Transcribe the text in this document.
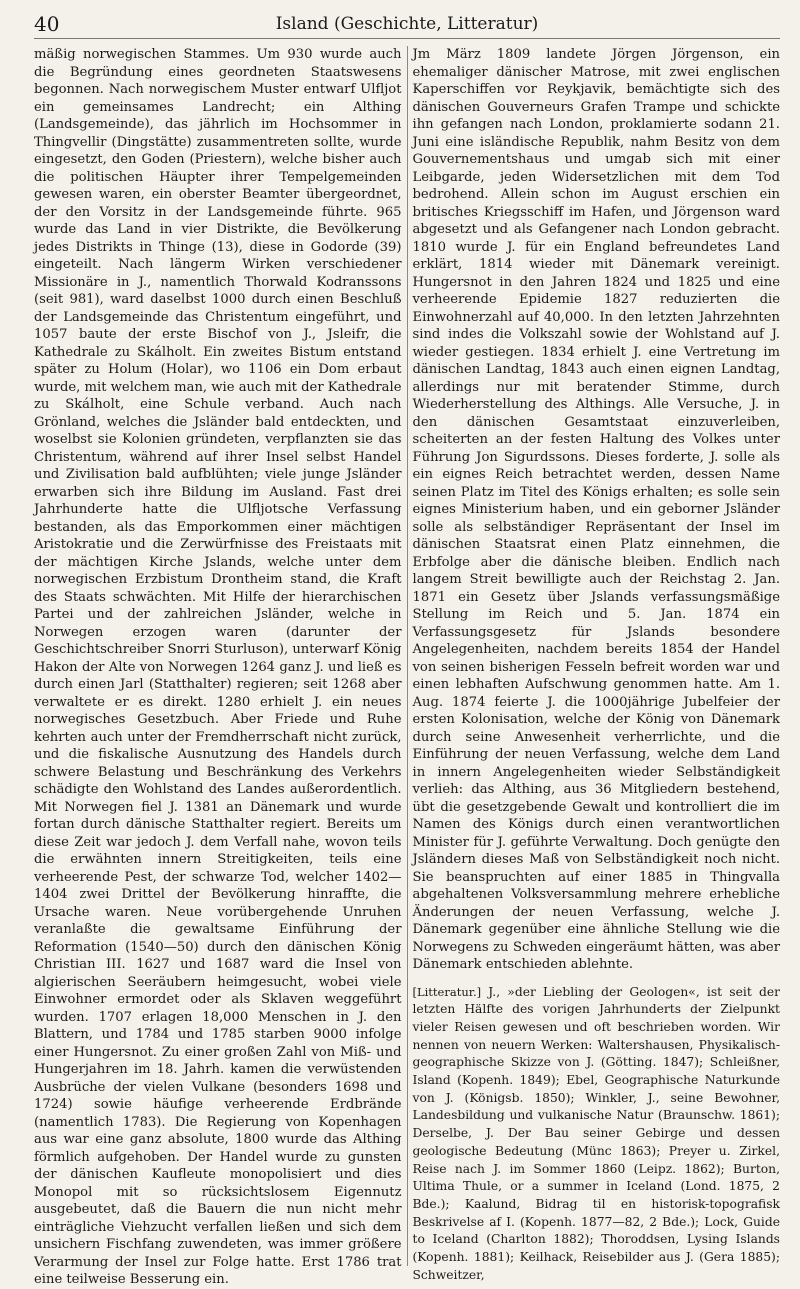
40	Island (Geschichte, Litteratur)

mäßig norwegischen Stammes. Um 930 wurde auch die Begründung eines geordneten Staatswesens begonnen. Nach norwegischem Muster entwarf Ulfljot ein gemeinsames Landrecht; ein Althing (Landsgemeinde), das jährlich im Hochsommer in Thingvellir (Dingstätte) zusammentreten sollte, wurde eingesetzt, den Goden (Priestern), welche bisher auch die politischen Häupter ihrer Tempelgemeinden gewesen waren, ein oberster Beamter übergeordnet, der den Vorsitz in der Landsgemeinde führte. 965 wurde das Land in vier Distrikte, die Bevölkerung jedes Distrikts in Thinge (13), diese in Godorde (39) eingeteilt. Nach längerm Wirken verschiedener Missionäre in J., namentlich Thorwald Kodranssons (seit 981), ward daselbst 1000 durch einen Beschluß der Landsgemeinde das Christentum eingeführt, und 1057 baute der erste Bischof von J., Jsleifr, die Kathedrale zu Skálholt. Ein zweites Bistum entstand später zu Holum (Holar), wo 1106 ein Dom erbaut wurde, mit welchem man, wie auch mit der Kathedrale zu Skálholt, eine Schule verband. Auch nach Grönland, welches die Jsländer bald entdeckten, und woselbst sie Kolonien gründeten, verpflanzten sie das Christentum, während auf ihrer Insel selbst Handel und Zivilisation bald aufblühten; viele junge Jsländer erwarben sich ihre Bildung im Ausland. Fast drei Jahrhunderte hatte die Ulfljotsche Verfassung bestanden, als das Emporkommen einer mächtigen Aristokratie und die Zerwürfnisse des Freistaats mit der mächtigen Kirche Jslands, welche unter dem norwegischen Erzbistum Drontheim stand, die Kraft des Staats schwächten. Mit Hilfe der hierarchischen Partei und der zahlreichen Jsländer, welche in Norwegen erzogen waren (darunter der Geschichtschreiber Snorri Sturluson), unterwarf König Hakon der Alte von Norwegen 1264 ganz J. und ließ es durch einen Jarl (Statthalter) regieren; seit 1268 aber verwaltete er es direkt. 1280 erhielt J. ein neues norwegisches Gesetzbuch. Aber Friede und Ruhe kehrten auch unter der Fremdherrschaft nicht zurück, und die fiskalische Ausnutzung des Handels durch schwere Belastung und Beschränkung des Verkehrs schädigte den Wohlstand des Landes außerordentlich. Mit Norwegen fiel J. 1381 an Dänemark und wurde fortan durch dänische Statthalter regiert. Bereits um diese Zeit war jedoch J. dem Verfall nahe, wovon teils die erwähnten innern Streitigkeiten, teils eine verheerende Pest, der schwarze Tod, welcher 1402—1404 zwei Drittel der Bevölkerung hinraffte, die Ursache waren. Neue vorübergehende Unruhen veranlaßte die gewaltsame Einführung der Reformation (1540—50) durch den dänischen König Christian III. 1627 und 1687 ward die Insel von algierischen Seeräubern heimgesucht, wobei viele Einwohner ermordet oder als Sklaven weggeführt wurden. 1707 erlagen 18,000 Menschen in J. den Blattern, und 1784 und 1785 starben 9000 infolge einer Hungersnot. Zu einer großen Zahl von Miß- und Hungerjahren im 18. Jahrh. kamen die verwüstenden Ausbrüche der vielen Vulkane (besonders 1698 und 1724) sowie häufige verheerende Erdbrände (namentlich 1783). Die Regierung von Kopenhagen aus war eine ganz absolute, 1800 wurde das Althing förmlich aufgehoben. Der Handel wurde zu gunsten der dänischen Kaufleute monopolisiert und dies Monopol mit so rücksichtslosem Eigennutz ausgebeutet, daß die Bauern die nun nicht mehr einträgliche Viehzucht verfallen ließen und sich dem unsichern Fischfang zuwendeten, was immer größere Verarmung der Insel zur Folge hatte. Erst 1786 trat eine teilweise Besserung ein.

Jm März 1809 landete Jörgen Jörgenson, ein ehemaliger dänischer Matrose, mit zwei englischen Kaperschiffen vor Reykjavik, bemächtigte sich des dänischen Gouverneurs Grafen Trampe und schickte ihn gefangen nach London, proklamierte sodann 21. Juni eine isländische Republik, nahm Besitz von dem Gouvernementshaus und umgab sich mit einer Leibgarde, jeden Widersetzlichen mit dem Tod bedrohend. Allein schon im August erschien ein britisches Kriegsschiff im Hafen, und Jörgenson ward abgesetzt und als Gefangener nach London gebracht. 1810 wurde J. für ein England befreundetes Land erklärt, 1814 wieder mit Dänemark vereinigt. Hungersnot in den Jahren 1824 und 1825 und eine verheerende Epidemie 1827 reduzierten die Einwohnerzahl auf 40,000. In den letzten Jahrzehnten sind indes die Volkszahl sowie der Wohlstand auf J. wieder gestiegen. 1834 erhielt J. eine Vertretung im dänischen Landtag, 1843 auch einen eignen Landtag, allerdings nur mit beratender Stimme, durch Wiederherstellung des Althings. Alle Versuche, J. in den dänischen Gesamtstaat einzuverleiben, scheiterten an der festen Haltung des Volkes unter Führung Jon Sigurdssons. Dieses forderte, J. solle als ein eignes Reich betrachtet werden, dessen Name seinen Platz im Titel des Königs erhalten; es solle sein eignes Ministerium haben, und ein geborner Jsländer solle als selbständiger Repräsentant der Insel im dänischen Staatsrat einen Platz einnehmen, die Erbfolge aber die dänische bleiben. Endlich nach langem Streit bewilligte auch der Reichstag 2. Jan. 1871 ein Gesetz über Jslands verfassungsmäßige Stellung im Reich und 5. Jan. 1874 ein Verfassungsgesetz für Jslands besondere Angelegenheiten, nachdem bereits 1854 der Handel von seinen bisherigen Fesseln befreit worden war und einen lebhaften Aufschwung genommen hatte. Am 1. Aug. 1874 feierte J. die 1000jährige Jubelfeier der ersten Kolonisation, welche der König von Dänemark durch seine Anwesenheit verherrlichte, und die Einführung der neuen Verfassung, welche dem Land in innern Angelegenheiten wieder Selbständigkeit verlieh: das Althing, aus 36 Mitgliedern bestehend, übt die gesetzgebende Gewalt und kontrolliert die im Namen des Königs durch einen verantwortlichen Minister für J. geführte Verwaltung. Doch genügte den Jsländern dieses Maß von Selbständigkeit noch nicht. Sie beanspruchten auf einer 1885 in Thingvalla abgehaltenen Volksversammlung mehrere erhebliche Änderungen der neuen Verfassung, welche J. Dänemark gegenüber eine ähnliche Stellung wie die Norwegens zu Schweden eingeräumt hätten, was aber Dänemark entschieden ablehnte.

[Litteratur.] J., »der Liebling der Geologen«, ist seit der letzten Hälfte des vorigen Jahrhunderts der Zielpunkt vieler Reisen gewesen und oft beschrieben worden. Wir nennen von neuern Werken: Waltershausen, Physikalisch-geographische Skizze von J. (Götting. 1847); Schleißner, Island (Kopenh. 1849); Ebel, Geographische Naturkunde von J. (Königsb. 1850); Winkler, J., seine Bewohner, Landesbildung und vulkanische Natur (Braunschw. 1861); Derselbe, J. Der Bau seiner Gebirge und dessen geologische Bedeutung (Münc 1863); Preyer u. Zirkel, Reise nach J. im Sommer 1860 (Leipz. 1862); Burton, Ultima Thule, or a summer in Iceland (Lond. 1875, 2 Bde.); Kaalund, Bidrag til en historisk-topografisk Beskrivelse af I. (Kopenh. 1877—82, 2 Bde.); Lock, Guide to Iceland (Charlton 1882); Thoroddsen, Lysing Islands (Kopenh. 1881); Keilhack, Reisebilder aus J. (Gera 1885); Schweitzer,
